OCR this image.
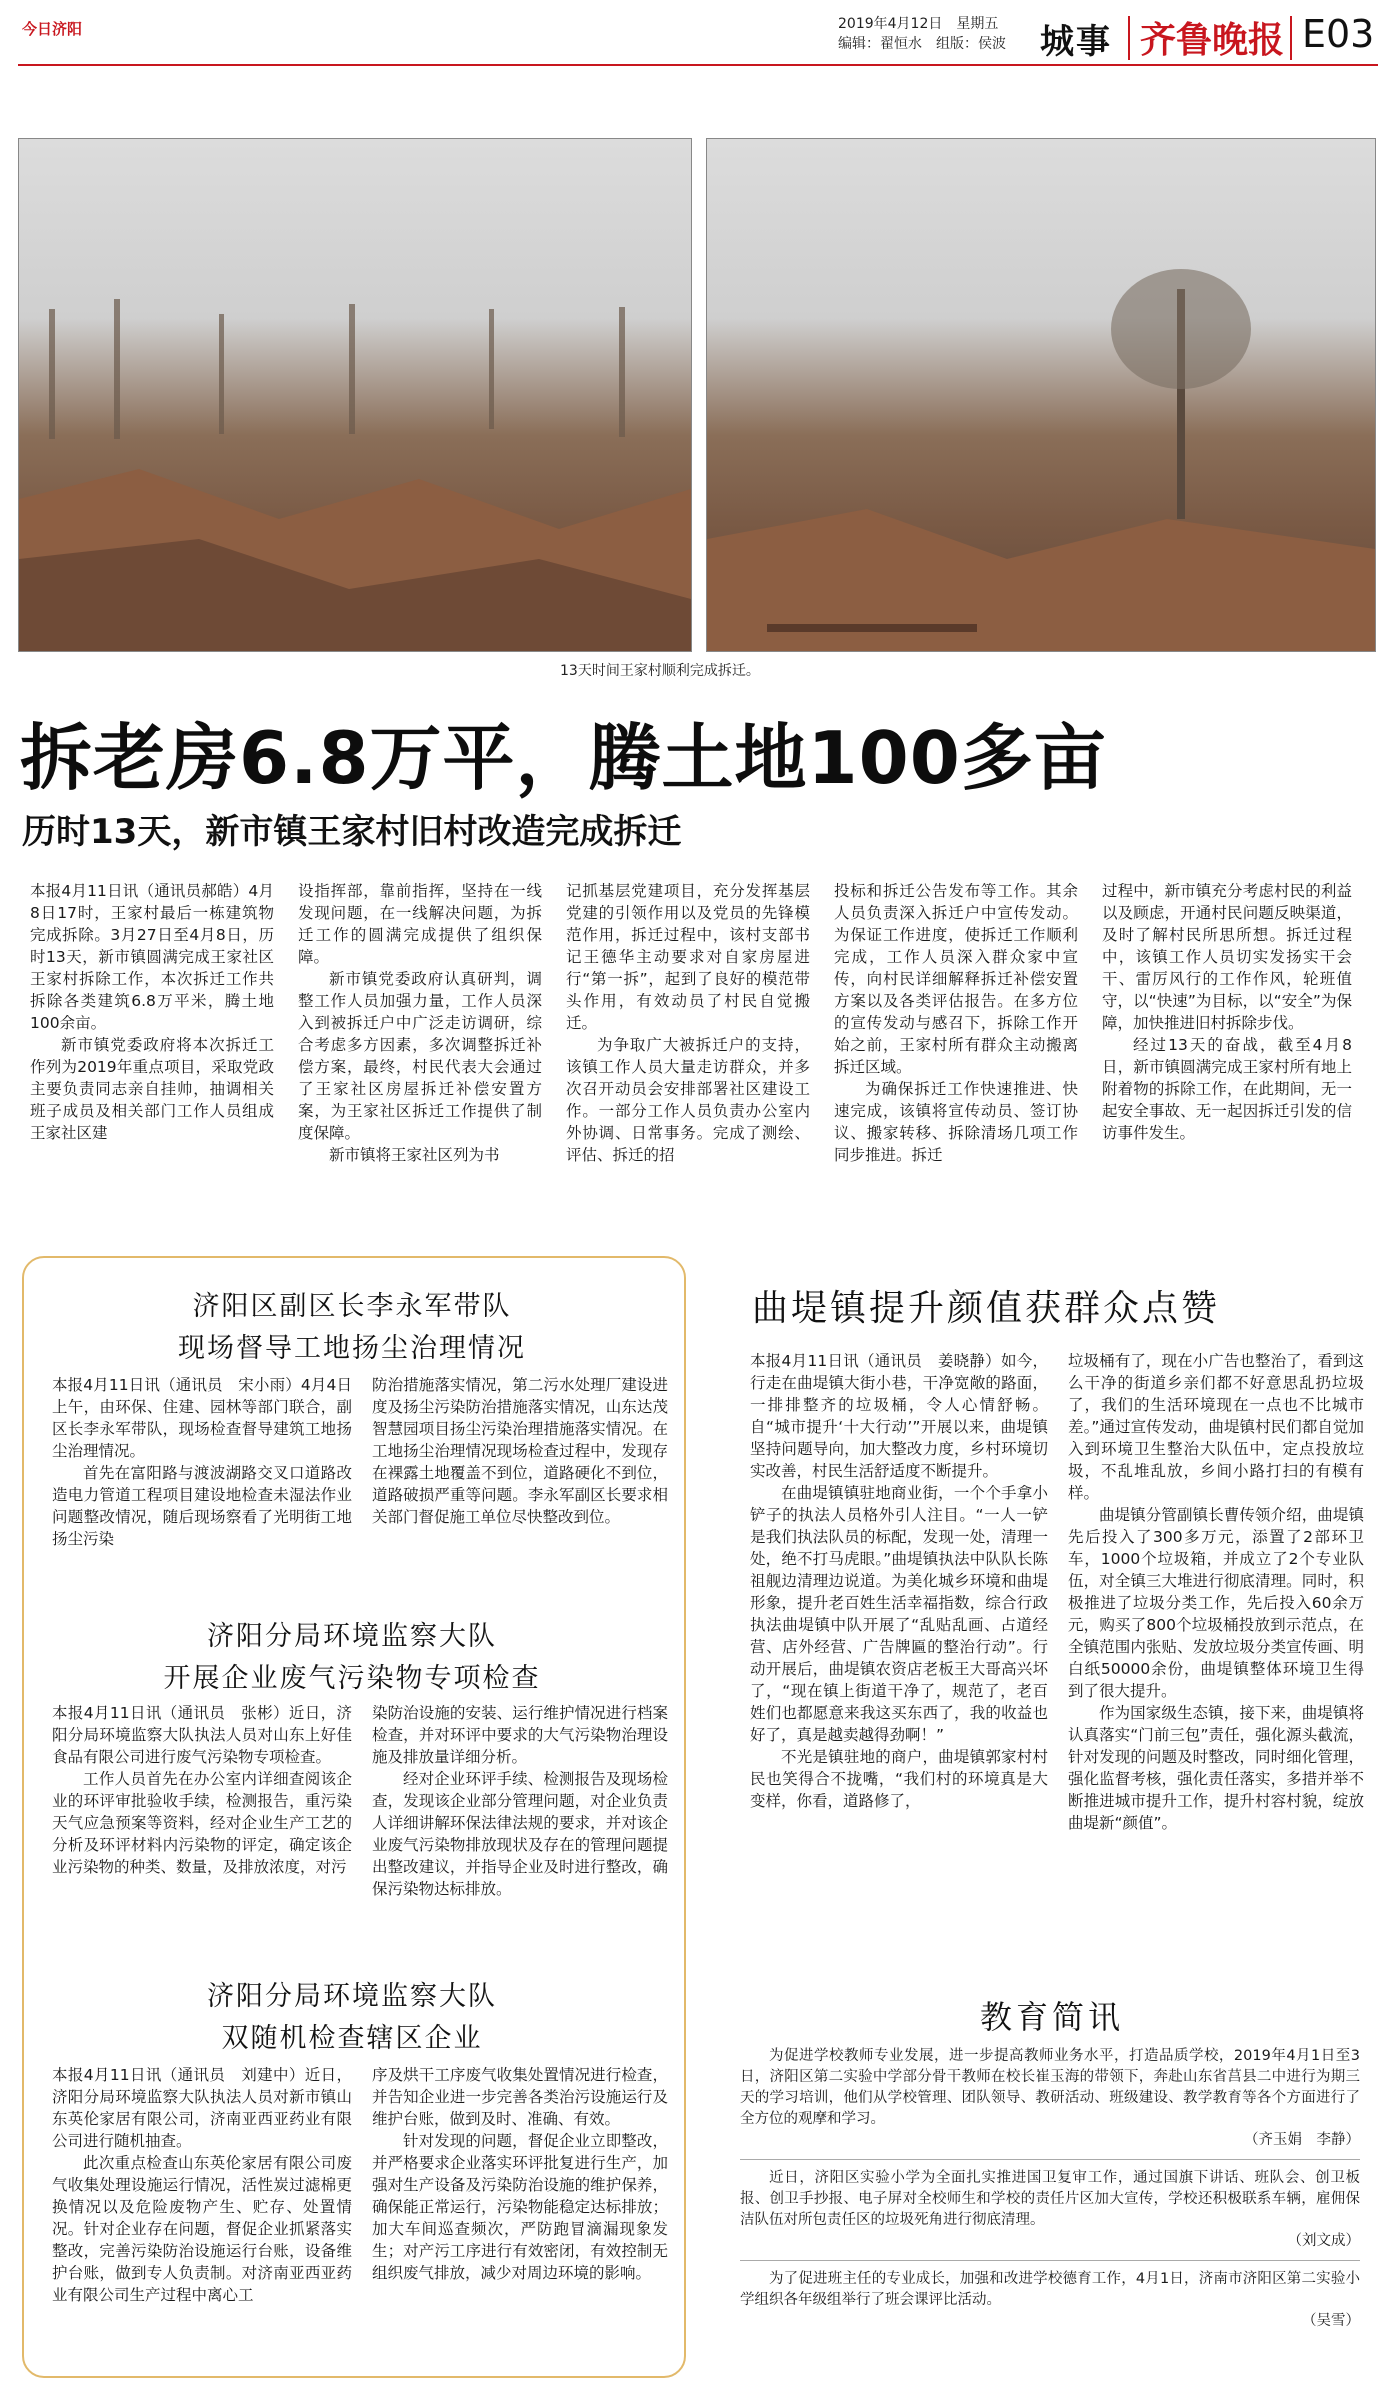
今日济阳	2019年4月12日　星期五
编辑：翟恒水　组版：侯波 城事 齐鲁晚报 E03
13天时间王家村顺利完成拆迁。
拆老房6.8万平，腾土地100多亩
历时13天，新市镇王家村旧村改造完成拆迁

本报4月11日讯（通讯员郝皓）4月8日17时，王家村最后一栋建筑物完成拆除。3月27日至4月8日，历时13天，新市镇圆满完成王家社区王家村拆除工作，本次拆迁工作共拆除各类建筑6.8万平米，腾土地100余亩。

新市镇党委政府将本次拆迁工作列为2019年重点项目，采取党政主要负责同志亲自挂帅，抽调相关班子成员及相关部门工作人员组成王家社区建

设指挥部，靠前指挥，坚持在一线发现问题，在一线解决问题，为拆迁工作的圆满完成提供了组织保障。

新市镇党委政府认真研判，调整工作人员加强力量，工作人员深入到被拆迁户中广泛走访调研，综合考虑多方因素，多次调整拆迁补偿方案，最终，村民代表大会通过了王家社区房屋拆迁补偿安置方案，为王家社区拆迁工作提供了制度保障。

新市镇将王家社区列为书

记抓基层党建项目，充分发挥基层党建的引领作用以及党员的先锋模范作用，拆迁过程中，该村支部书记王德华主动要求对自家房屋进行“第一拆”，起到了良好的模范带头作用，有效动员了村民自觉搬迁。

为争取广大被拆迁户的支持，该镇工作人员大量走访群众，并多次召开动员会安排部署社区建设工作。一部分工作人员负责办公室内外协调、日常事务。完成了测绘、评估、拆迁的招

投标和拆迁公告发布等工作。其余人员负责深入拆迁户中宣传发动。为保证工作进度，使拆迁工作顺利完成，工作人员深入群众家中宣传，向村民详细解释拆迁补偿安置方案以及各类评估报告。在多方位的宣传发动与感召下，拆除工作开始之前，王家村所有群众主动搬离拆迁区域。

为确保拆迁工作快速推进、快速完成，该镇将宣传动员、签订协议、搬家转移、拆除清场几项工作同步推进。拆迁

过程中，新市镇充分考虑村民的利益以及顾虑，开通村民问题反映渠道，及时了解村民所思所想。拆迁过程中，该镇工作人员切实发扬实干会干、雷厉风行的工作作风，轮班值守，以“快速”为目标，以“安全”为保障，加快推进旧村拆除步伐。

经过13天的奋战，截至4月8日，新市镇圆满完成王家村所有地上附着物的拆除工作，在此期间，无一起安全事故、无一起因拆迁引发的信访事件发生。

济阳区副区长李永军带队
现场督导工地扬尘治理情况

本报4月11日讯（通讯员　宋小雨）4月4日上午，由环保、住建、园林等部门联合，副区长李永军带队，现场检查督导建筑工地扬尘治理情况。

首先在富阳路与渡波湖路交叉口道路改造电力管道工程项目建设地检查未湿法作业问题整改情况，随后现场察看了光明街工地扬尘污染

防治措施落实情况，第二污水处理厂建设进度及扬尘污染防治措施落实情况，山东达茂智慧园项目扬尘污染治理措施落实情况。在工地扬尘治理情况现场检查过程中，发现存在裸露土地覆盖不到位，道路硬化不到位，道路破损严重等问题。李永军副区长要求相关部门督促施工单位尽快整改到位。

济阳分局环境监察大队
开展企业废气污染物专项检查

本报4月11日讯（通讯员　张彬）近日，济阳分局环境监察大队执法人员对山东上好佳食品有限公司进行废气污染物专项检查。

工作人员首先在办公室内详细查阅该企业的环评审批验收手续，检测报告，重污染天气应急预案等资料，经对企业生产工艺的分析及环评材料内污染物的评定，确定该企业污染物的种类、数量，及排放浓度，对污

染防治设施的安装、运行维护情况进行档案检查，并对环评中要求的大气污染物治理设施及排放量详细分析。

经对企业环评手续、检测报告及现场检查，发现该企业部分管理问题，对企业负责人详细讲解环保法律法规的要求，并对该企业废气污染物排放现状及存在的管理问题提出整改建议，并指导企业及时进行整改，确保污染物达标排放。

济阳分局环境监察大队
双随机检查辖区企业

本报4月11日讯（通讯员　刘建中）近日，济阳分局环境监察大队执法人员对新市镇山东英伦家居有限公司，济南亚西亚药业有限公司进行随机抽查。

此次重点检查山东英伦家居有限公司废气收集处理设施运行情况，活性炭过滤棉更换情况以及危险废物产生、贮存、处置情况。针对企业存在问题，督促企业抓紧落实整改，完善污染防治设施运行台账，设备维护台账，做到专人负责制。对济南亚西亚药业有限公司生产过程中离心工

序及烘干工序废气收集处置情况进行检查，并告知企业进一步完善各类治污设施运行及维护台账，做到及时、准确、有效。

针对发现的问题，督促企业立即整改，并严格要求企业落实环评批复进行生产，加强对生产设备及污染防治设施的维护保养，确保能正常运行，污染物能稳定达标排放；加大车间巡查频次，严防跑冒滴漏现象发生；对产污工序进行有效密闭，有效控制无组织废气排放，减少对周边环境的影响。

曲堤镇提升颜值获群众点赞

本报4月11日讯（通讯员　姜晓静）如今，行走在曲堤镇大街小巷，干净宽敞的路面，一排排整齐的垃圾桶，令人心情舒畅。自“城市提升‘十大行动’”开展以来，曲堤镇坚持问题导向，加大整改力度，乡村环境切实改善，村民生活舒适度不断提升。

在曲堤镇镇驻地商业街，一个个手拿小铲子的执法人员格外引人注目。“一人一铲是我们执法队员的标配，发现一处，清理一处，绝不打马虎眼。”曲堤镇执法中队队长陈祖舰边清理边说道。为美化城乡环境和曲堤形象，提升老百姓生活幸福指数，综合行政执法曲堤镇中队开展了“乱贴乱画、占道经营、店外经营、广告牌匾的整治行动”。行动开展后，曲堤镇农资店老板王大哥高兴坏了，“现在镇上街道干净了，规范了，老百姓们也都愿意来我这买东西了，我的收益也好了，真是越卖越得劲啊！”

不光是镇驻地的商户，曲堤镇郭家村村民也笑得合不拢嘴，“我们村的环境真是大变样，你看，道路修了，

垃圾桶有了，现在小广告也整治了，看到这么干净的街道乡亲们都不好意思乱扔垃圾了，我们的生活环境现在一点也不比城市差。”通过宣传发动，曲堤镇村民们都自觉加入到环境卫生整治大队伍中，定点投放垃圾，不乱堆乱放，乡间小路打扫的有模有样。

曲堤镇分管副镇长曹传领介绍，曲堤镇先后投入了300多万元，添置了2部环卫车，1000个垃圾箱，并成立了2个专业队伍，对全镇三大堆进行彻底清理。同时，积极推进了垃圾分类工作，先后投入60余万元，购买了800个垃圾桶投放到示范点，在全镇范围内张贴、发放垃圾分类宣传画、明白纸50000余份，曲堤镇整体环境卫生得到了很大提升。

作为国家级生态镇，接下来，曲堤镇将认真落实“门前三包”责任，强化源头截流，针对发现的问题及时整改，同时细化管理，强化监督考核，强化责任落实，多措并举不断推进城市提升工作，提升村容村貌，绽放曲堤新“颜值”。

教育简讯

为促进学校教师专业发展，进一步提高教师业务水平，打造品质学校，2019年4月1日至3日，济阳区第二实验中学部分骨干教师在校长崔玉海的带领下，奔赴山东省莒县二中进行为期三天的学习培训，他们从学校管理、团队领导、教研活动、班级建设、教学教育等各个方面进行了全方位的观摩和学习。

（齐玉娟　李静）

近日，济阳区实验小学为全面扎实推进国卫复审工作，通过国旗下讲话、班队会、创卫板报、创卫手抄报、电子屏对全校师生和学校的责任片区加大宣传，学校还积极联系车辆，雇佣保洁队伍对所包责任区的垃圾死角进行彻底清理。

（刘文成）

为了促进班主任的专业成长，加强和改进学校德育工作，4月1日，济南市济阳区第二实验小学组织各年级组举行了班会课评比活动。

（吴雪）
